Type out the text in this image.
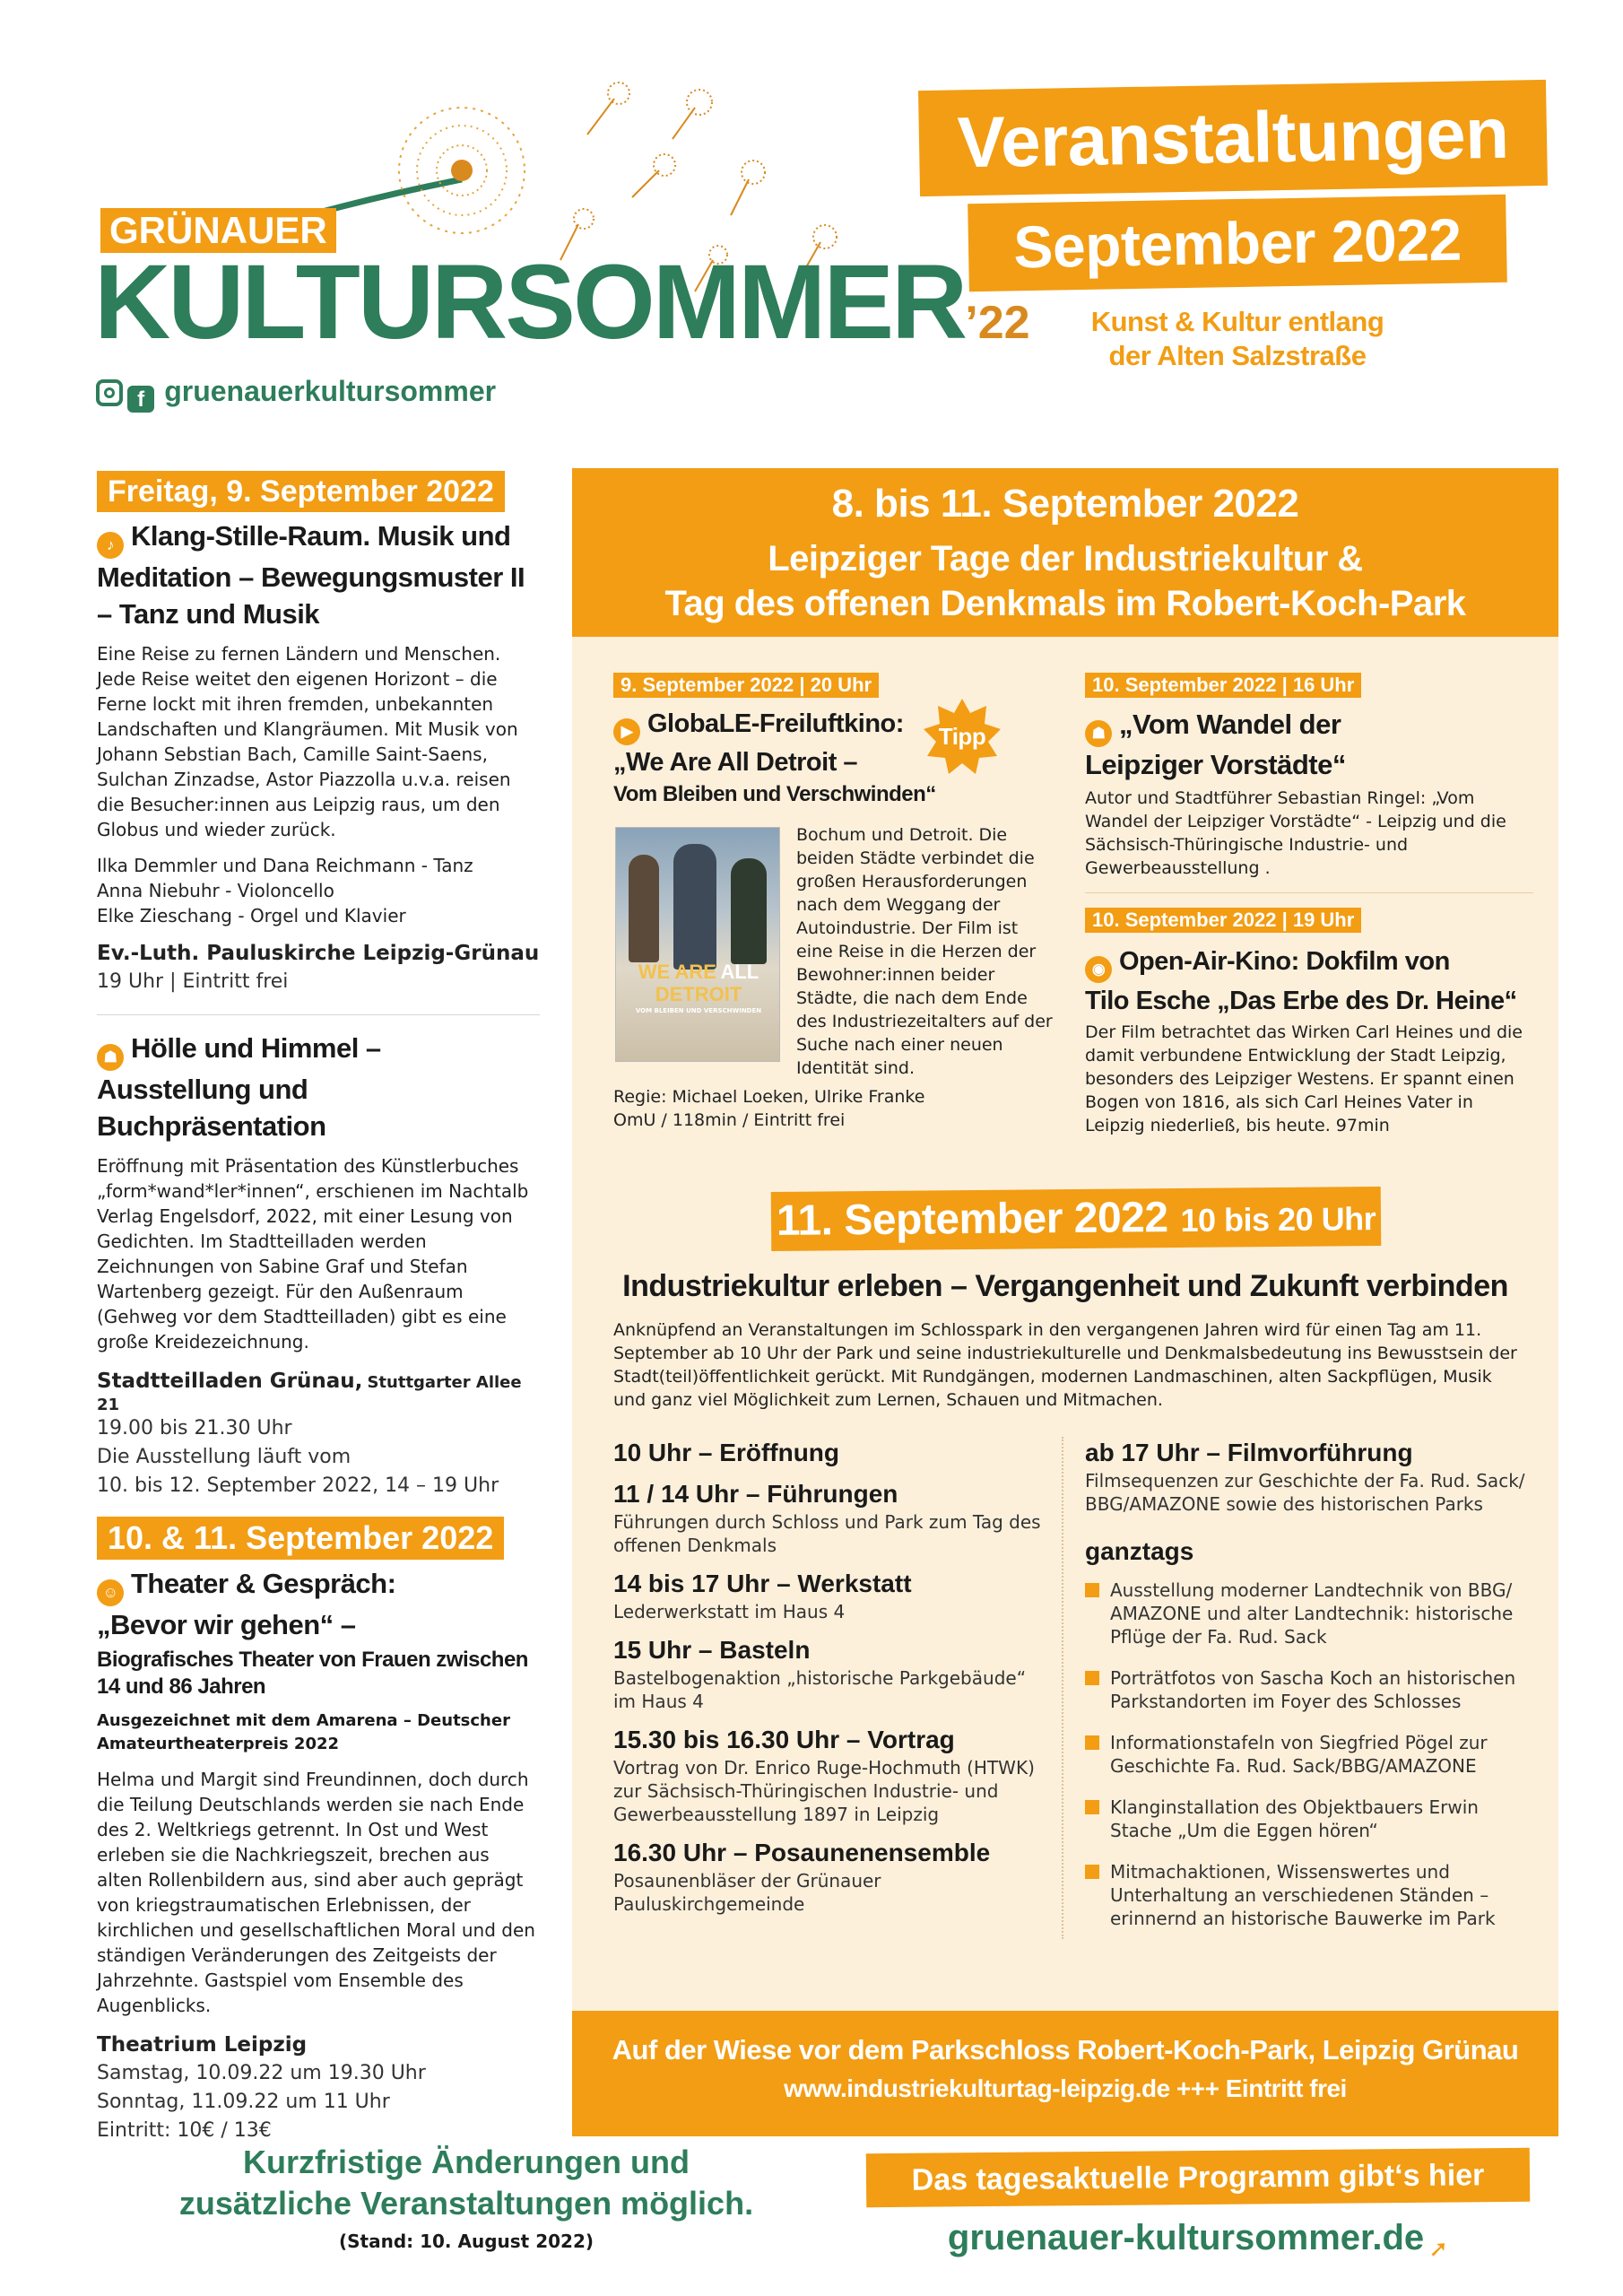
GRÜNAUER
KULTURSOMMER’22
f gruenauerkultursommer
Veranstaltungen
September 2022
Kunst & Kultur entlang
der Alten Salzstraße
Freitag, 9. September 2022
♪ Klang-Stille-Raum. Musik und Meditation – Bewegungsmuster II – Tanz und Musik
Eine Reise zu fernen Ländern und Menschen. Jede Reise weitet den eigenen Horizont – die Ferne lockt mit ihren fremden, unbekannten Landschaften und Klangräumen. Mit Musik von Johann Sebstian Bach, Camille Saint-Saens, Sulchan Zinzadse, Astor Piazzolla u.v.a. reisen die Besucher:innen aus Leipzig raus, um den Globus und wieder zurück.
Ilka Demmler und Dana Reichmann - Tanz
Anna Niebuhr - Violoncello
Elke Zieschang - Orgel und Klavier
Ev.-Luth. Pauluskirche Leipzig-Grünau
19 Uhr | Eintritt frei
☗ Hölle und Himmel – Ausstellung und Buchpräsentation
Eröffnung mit Präsentation des Künstlerbuches „form*wand*ler*innen“, erschienen im Nachtalb Verlag Engelsdorf, 2022, mit einer Lesung von Gedichten. Im Stadtteilladen werden Zeichnungen von Sabine Graf und Stefan Wartenberg gezeigt. Für den Außenraum (Gehweg vor dem Stadtteilladen) gibt es eine große Kreidezeichnung.
Stadtteilladen Grünau, Stuttgarter Allee 21
19.00 bis 21.30 Uhr
Die Ausstellung läuft vom
10. bis 12. September 2022, 14 – 19 Uhr
10. & 11. September 2022
☺ Theater & Gespräch:
„Bevor wir gehen“ –
Biografisches Theater von Frauen zwischen 14 und 86 Jahren
Ausgezeichnet mit dem Amarena – Deutscher Amateurtheaterpreis 2022
Helma und Margit sind Freundinnen, doch durch die Teilung Deutschlands werden sie nach Ende des 2. Weltkriegs getrennt. In Ost und West erleben sie die Nachkriegszeit, brechen aus alten Rollenbildern aus, sind aber auch geprägt von kriegstraumatischen Erlebnissen, der kirchlichen und gesellschaftlichen Moral und den ständigen Veränderungen des Zeitgeists der Jahrzehnte. Gastspiel vom Ensemble des Augenblicks.
Theatrium Leipzig
Samstag, 10.09.22 um 19.30 Uhr
Sonntag, 11.09.22 um 11 Uhr
Eintritt: 10€ / 13€
8. bis 11. September 2022
Leipziger Tage der Industriekultur &
Tag des offenen Denkmals im Robert-Koch-Park
9. September 2022 | 20 Uhr
▶ GlobaLE-Freiluftkino:
„We Are All Detroit –
Vom Bleiben und Verschwinden“
Tipp
WE ARE ALL
DETROIT
VOM BLEIBEN UND VERSCHWINDEN
Bochum und Detroit. Die beiden Städte verbindet die großen Herausforderungen nach dem Weggang der Autoindustrie. Der Film ist eine Reise in die Herzen der Bewohner:innen beider Städte, die nach dem Ende des Industriezeitalters auf der Suche nach einer neuen Identität sind.
Regie: Michael Loeken, Ulrike Franke
OmU / 118min / Eintritt frei
10. September 2022 | 16 Uhr
☗ „Vom Wandel der
Leipziger Vorstädte“
Autor und Stadtführer Sebastian Ringel: „Vom Wandel der Leipziger Vorstädte“ - Leipzig und die Sächsisch-Thüringische Industrie- und Gewerbeausstellung .
10. September 2022 | 19 Uhr
◉ Open-Air-Kino: Dokfilm von
Tilo Esche „Das Erbe des Dr. Heine“
Der Film betrachtet das Wirken Carl Heines und die damit verbundene Entwicklung der Stadt Leipzig, besonders des Leipziger Westens. Er spannt einen Bogen von 1816, als sich Carl Heines Vater in Leipzig niederließ, bis heute. 97min
11. September 2022 10 bis 20 Uhr
Industriekultur erleben – Vergangenheit und Zukunft verbinden
Anknüpfend an Veranstaltungen im Schlosspark in den vergangenen Jahren wird für einen Tag am 11. September ab 10 Uhr der Park und seine industriekulturelle und Denkmalsbedeutung ins Bewusstsein der Stadt(teil)öffentlichkeit gerückt. Mit Rundgängen, modernen Landmaschinen, alten Sackpflügen, Musik und ganz viel Möglichkeit zum Lernen, Schauen und Mitmachen.
10 Uhr – Eröffnung
11 / 14 Uhr – Führungen
Führungen durch Schloss und Park zum Tag des offenen Denkmals
14 bis 17 Uhr – Werkstatt
Lederwerkstatt im Haus 4
15 Uhr – Basteln
Bastelbogenaktion „historische Parkgebäude“ im Haus 4
15.30 bis 16.30 Uhr – Vortrag
Vortrag von Dr. Enrico Ruge-Hochmuth (HTWK) zur Sächsisch-Thüringischen Industrie- und Gewerbeausstellung 1897 in Leipzig
16.30 Uhr – Posaunenensemble
Posaunenbläser der Grünauer Pauluskirchgemeinde
ab 17 Uhr – Filmvorführung
Filmsequenzen zur Geschichte der Fa. Rud. Sack/ BBG/AMAZONE sowie des historischen Parks
ganztags
Ausstellung moderner Landtechnik von BBG/ AMAZONE und alter Landtechnik: historische Pflüge der Fa. Rud. Sack
Porträtfotos von Sascha Koch an historischen Parkstandorten im Foyer des Schlosses
Informationstafeln von Siegfried Pögel zur Geschichte Fa. Rud. Sack/BBG/AMAZONE
Klanginstallation des Objektbauers Erwin Stache „Um die Eggen hören“
Mitmachaktionen, Wissenswertes und Unterhaltung an verschiedenen Ständen – erinnernd an historische Bauwerke im Park
Auf der Wiese vor dem Parkschloss Robert-Koch-Park, Leipzig Grünau
www.industriekulturtag-leipzig.de +++ Eintritt frei
Kurzfristige Änderungen und
zusätzliche Veranstaltungen möglich.
(Stand: 10. August 2022)
Das tagesaktuelle Programm gibt‘s hier
gruenauer-kultursommer.de ➚
